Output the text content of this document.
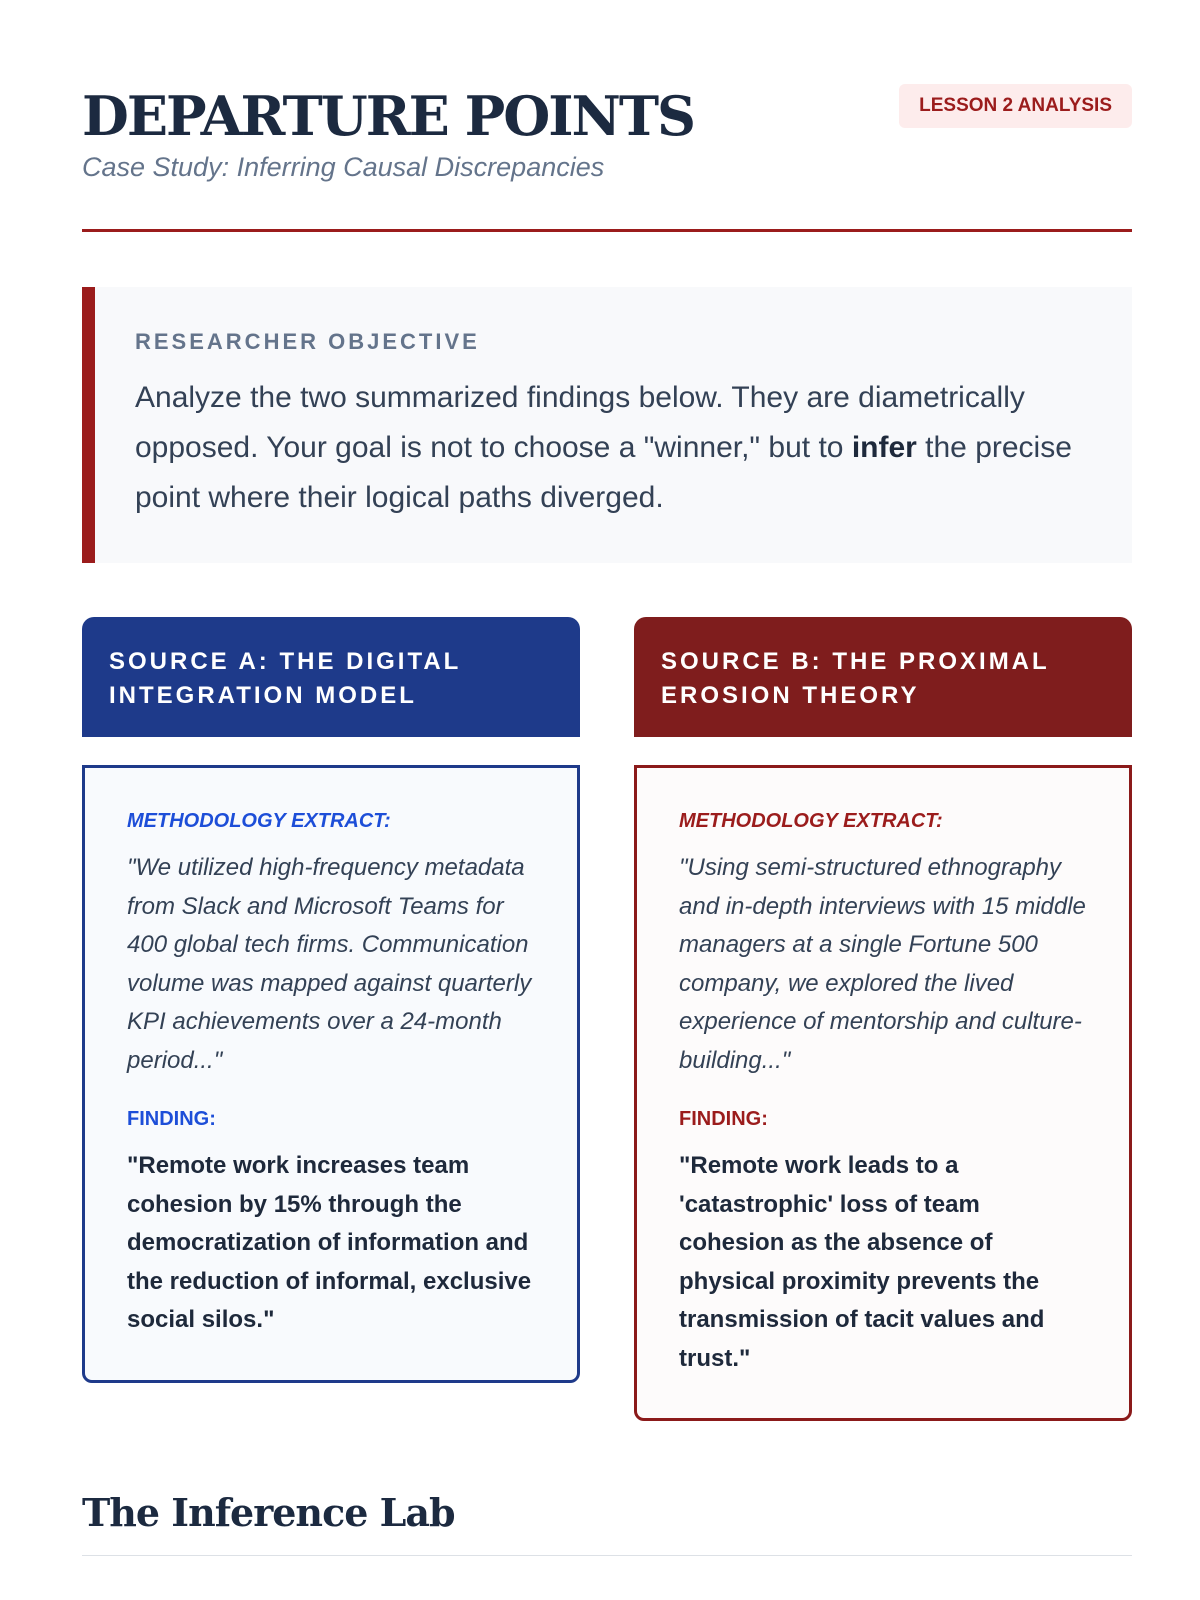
DEPARTURE POINTS
Case Study: Inferring Causal Discrepancies
LESSON 2 ANALYSIS
RESEARCHER OBJECTIVE

Analyze the two summarized findings below. They are diametrically opposed. Your goal is not to choose a "winner," but to infer the precise point where their logical paths diverged.

SOURCE A: THE DIGITAL INTEGRATION MODEL
METHODOLOGY EXTRACT:

"We utilized high-frequency metadata from Slack and Microsoft Teams for 400 global tech firms. Communication volume was mapped against quarterly KPI achievements over a 24-month period..."

FINDING:

"Remote work increases team cohesion by 15% through the democratization of information and the reduction of informal, exclusive social silos."

SOURCE B: THE PROXIMAL EROSION THEORY
METHODOLOGY EXTRACT:

"Using semi-structured ethnography and in-depth interviews with 15 middle managers at a single Fortune 500 company, we explored the lived experience of mentorship and culture-building..."

FINDING:

"Remote work leads to a 'catastrophic' loss of team cohesion as the absence of physical proximity prevents the transmission of tacit values and trust."

The Inference Lab
